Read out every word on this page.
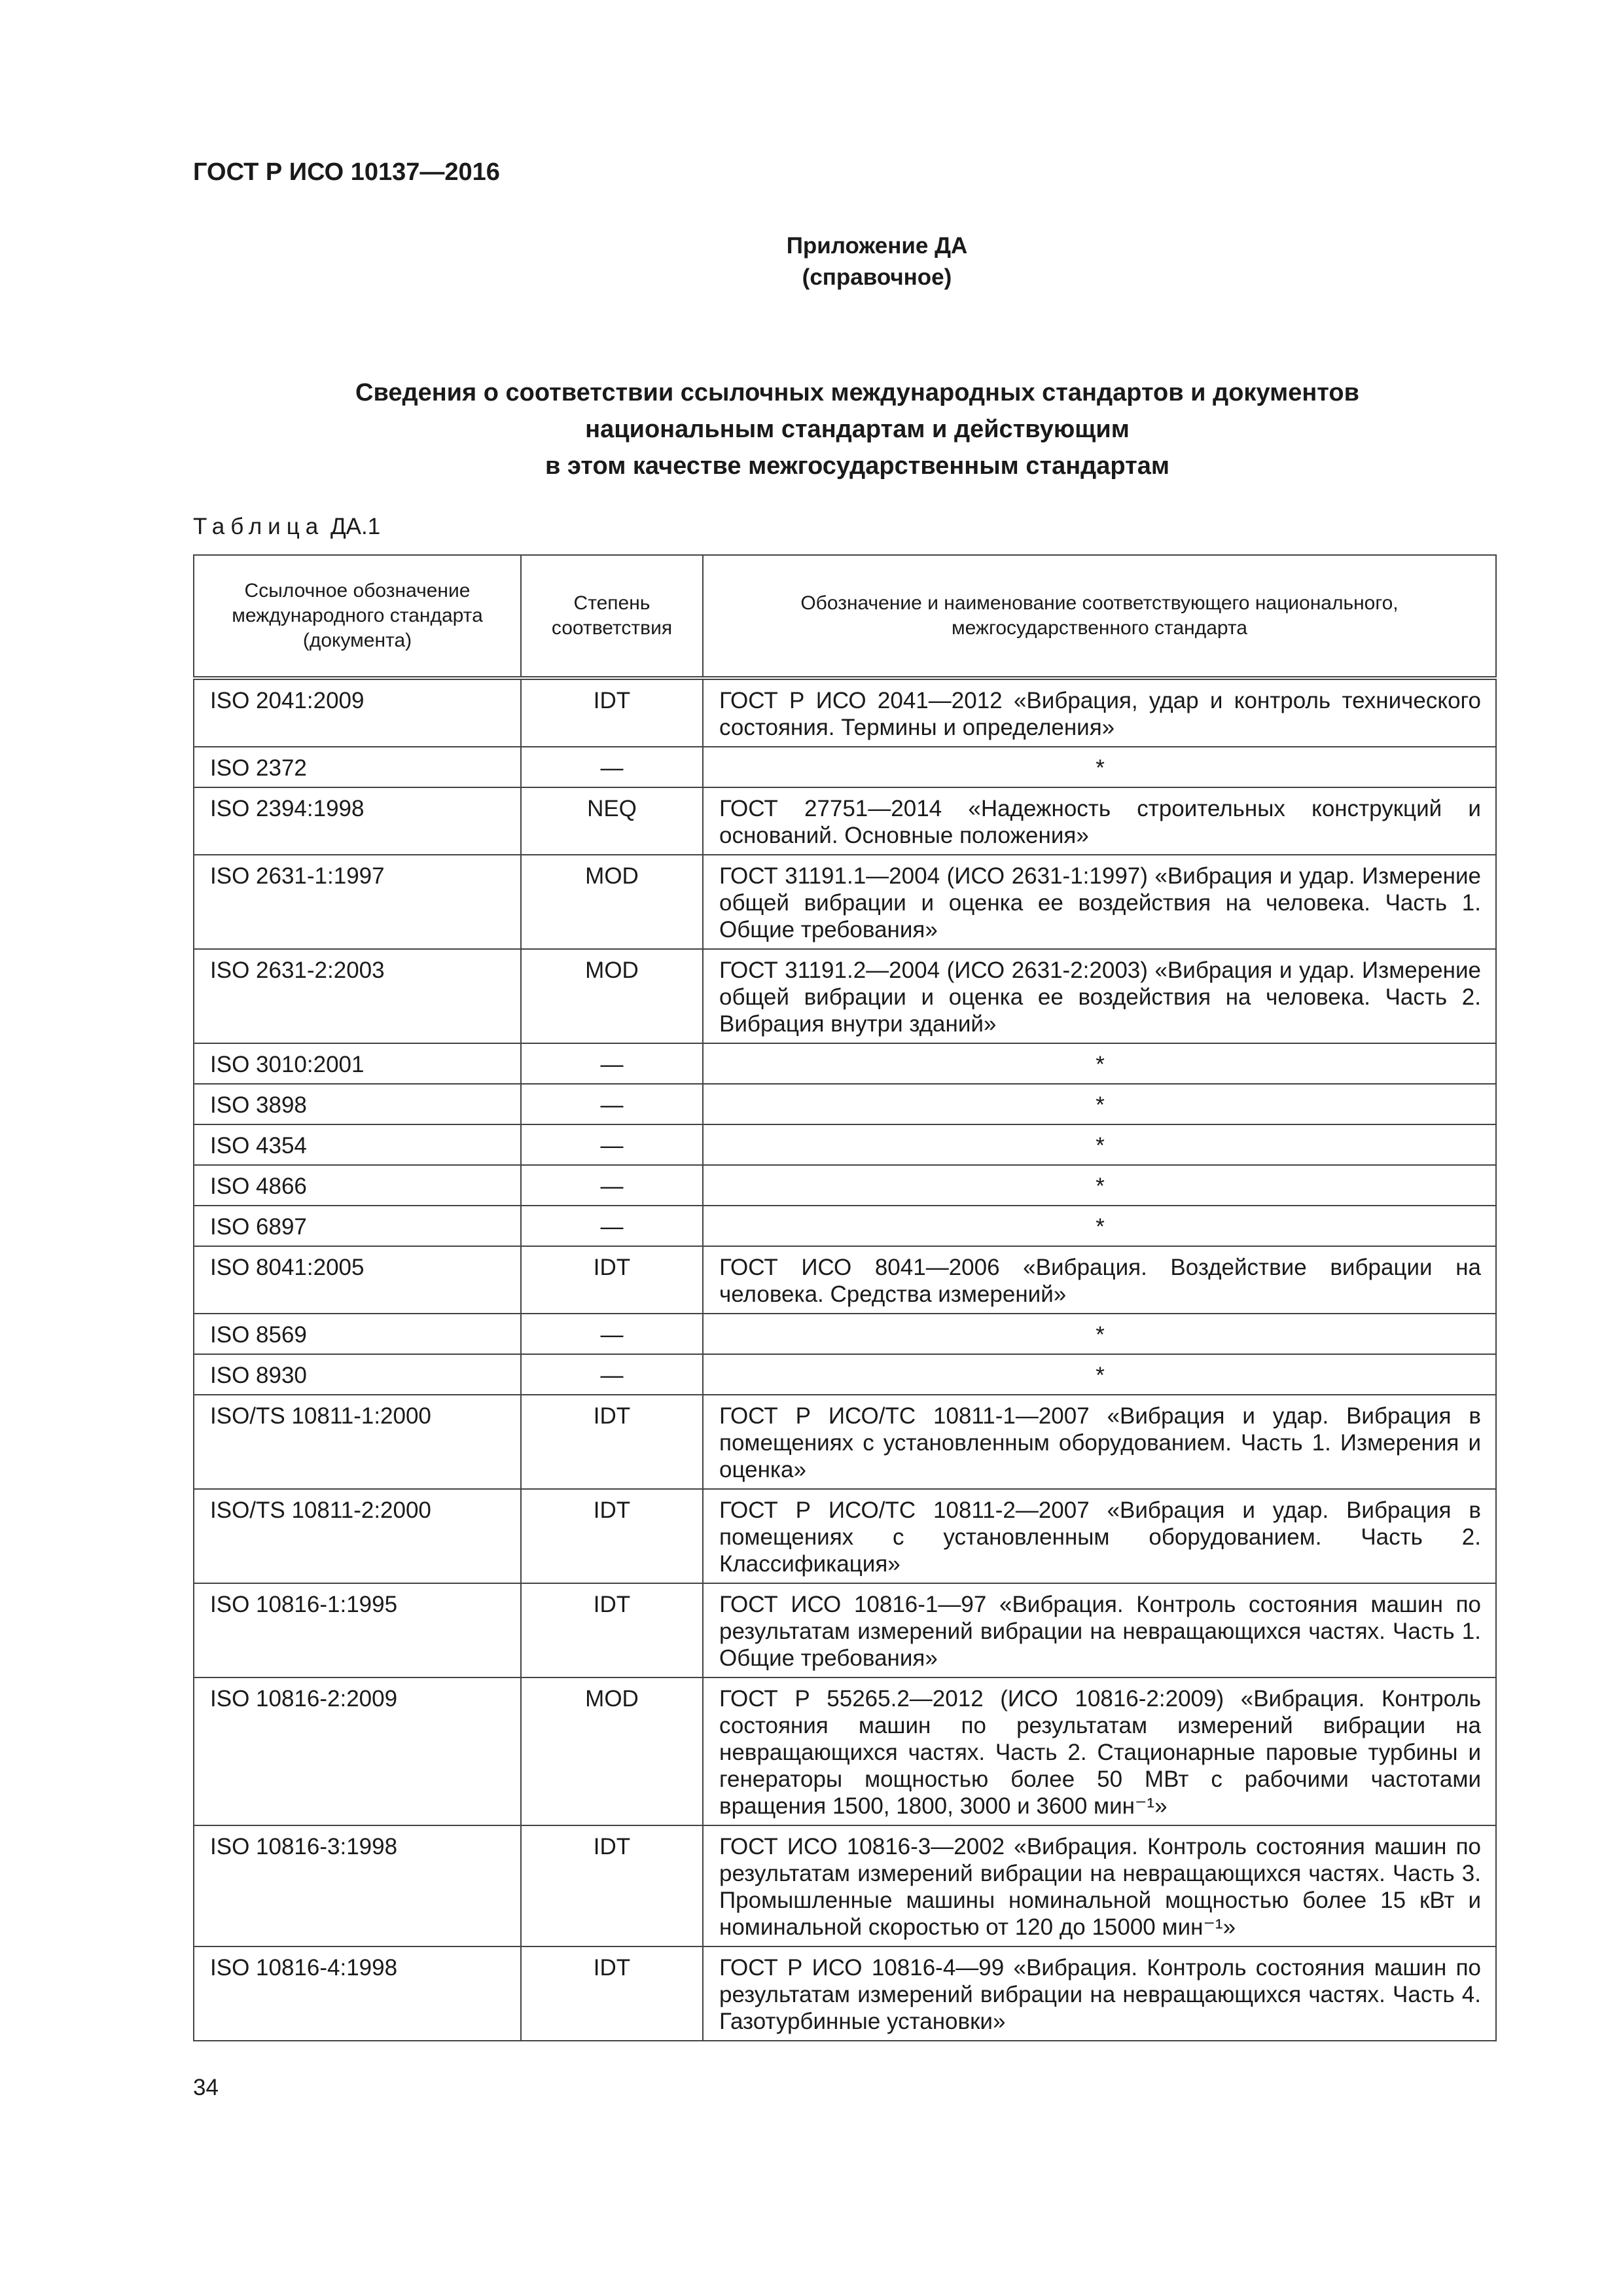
ГОСТ Р ИСО 10137—2016
Приложение ДА
(справочное)
Сведения о соответствии ссылочных международных стандартов и документов
национальным стандартам и действующим
в этом качестве межгосударственным стандартам
Таблица ДА.1
Ссылочное обозначение международного стандарта (документа)	Степень соответствия	Обозначение и наименование соответствующего национального, межгосударственного стандарта
ISO 2041:2009	IDT	ГОСТ Р ИСО 2041—2012 «Вибрация, удар и контроль технического состояния. Термины и определения»
ISO 2372	—	*
ISO 2394:1998	NEQ	ГОСТ 27751—2014 «Надежность строительных конструкций и оснований. Основные положения»
ISO 2631-1:1997	MOD	ГОСТ 31191.1—2004 (ИСО 2631-1:1997) «Вибрация и удар. Измерение общей вибрации и оценка ее воздействия на человека. Часть 1. Общие требования»
ISO 2631-2:2003	MOD	ГОСТ 31191.2—2004 (ИСО 2631-2:2003) «Вибрация и удар. Измерение общей вибрации и оценка ее воздействия на человека. Часть 2. Вибрация внутри зданий»
ISO 3010:2001	—	*
ISO 3898	—	*
ISO 4354	—	*
ISO 4866	—	*
ISO 6897	—	*
ISO 8041:2005	IDT	ГОСТ ИСО 8041—2006 «Вибрация. Воздействие вибрации на человека. Средства измерений»
ISO 8569	—	*
ISO 8930	—	*
ISO/TS 10811-1:2000	IDT	ГОСТ Р ИСО/ТС 10811-1—2007 «Вибрация и удар. Вибрация в помещениях с установленным оборудованием. Часть 1. Измерения и оценка»
ISO/TS 10811-2:2000	IDT	ГОСТ Р ИСО/ТС 10811-2—2007 «Вибрация и удар. Вибрация в помещениях с установленным оборудованием. Часть 2. Классификация»
ISO 10816-1:1995	IDT	ГОСТ ИСО 10816-1—97 «Вибрация. Контроль состояния машин по результатам измерений вибрации на невращающихся частях. Часть 1. Общие требования»
ISO 10816-2:2009	MOD	ГОСТ Р 55265.2—2012 (ИСО 10816-2:2009) «Вибрация. Контроль состояния машин по результатам измерений вибрации на невращающихся частях. Часть 2. Стационарные паровые турбины и генераторы мощностью более 50 МВт с рабочими частотами вращения 1500, 1800, 3000 и 3600 мин⁻¹»
ISO 10816-3:1998	IDT	ГОСТ ИСО 10816-3—2002 «Вибрация. Контроль состояния машин по результатам измерений вибрации на невращающихся частях. Часть 3. Промышленные машины номинальной мощностью более 15 кВт и номинальной скоростью от 120 до 15000 мин⁻¹»
ISO 10816-4:1998	IDT	ГОСТ Р ИСО 10816-4—99 «Вибрация. Контроль состояния машин по результатам измерений вибрации на невращающихся частях. Часть 4. Газотурбинные установки»
34
